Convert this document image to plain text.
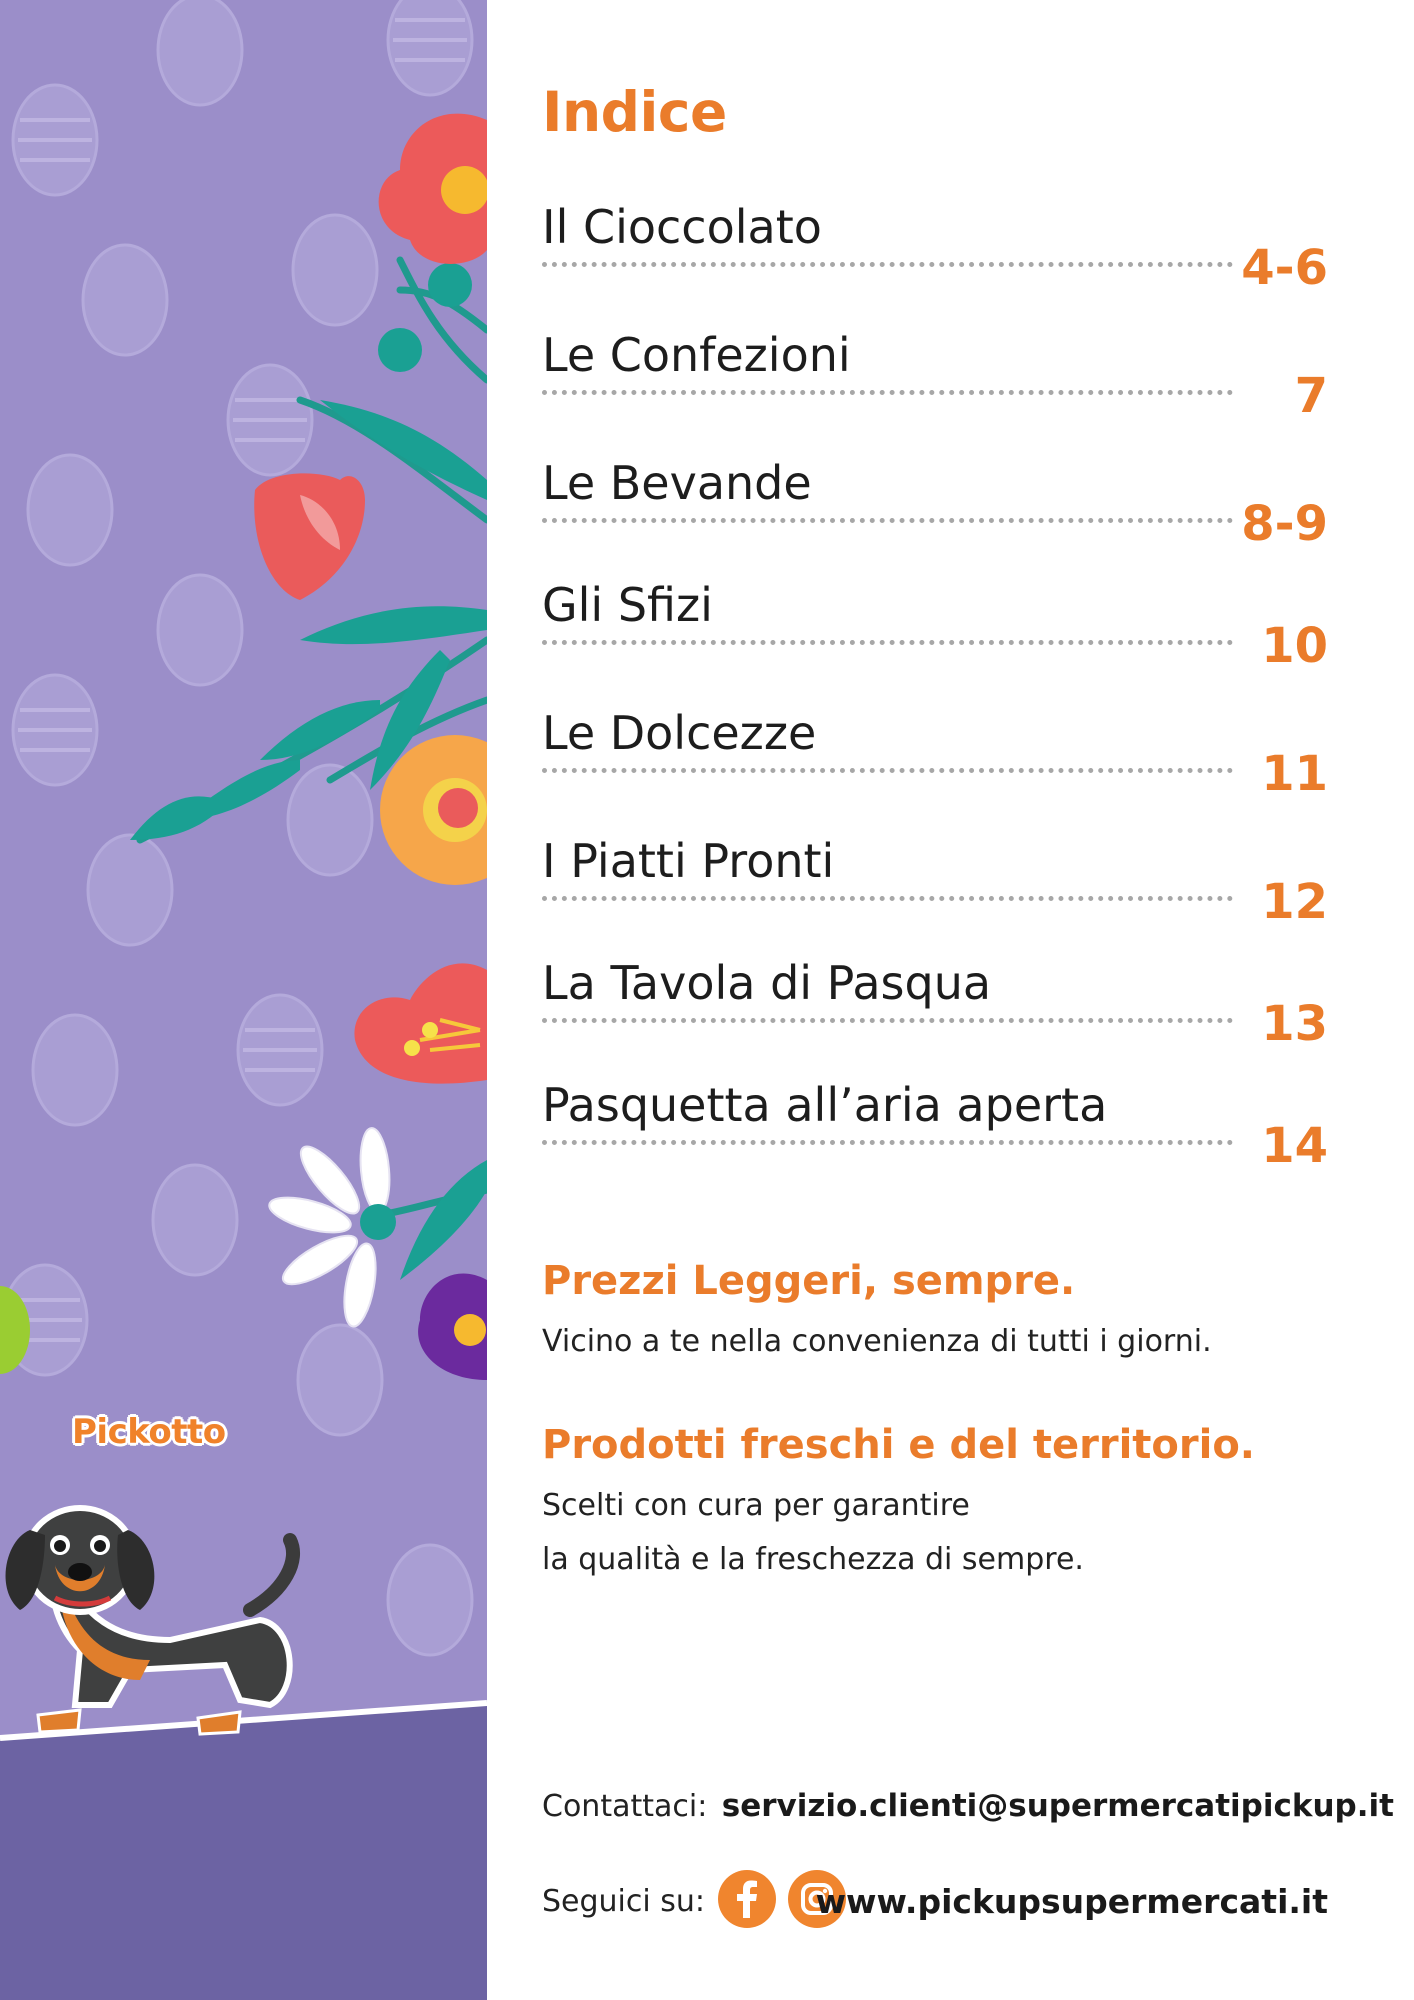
Pickotto
Indice
Il Cioccolato
4-6
Le Confezioni
7
Le Bevande
8-9
Gli Sfizi
10
Le Dolcezze
11
I Piatti Pronti
12
La Tavola di Pasqua
13
Pasquetta all’aria aperta
14
Prezzi Leggeri, sempre.

Vicino a te nella convenienza di tutti i giorni.

Prodotti freschi e del territorio.

Scelti con cura per garantire

la qualità e la freschezza di sempre.

Contattaci: servizio.clienti@supermercatipickup.it
Seguici su:	www.pickupsupermercati.it
